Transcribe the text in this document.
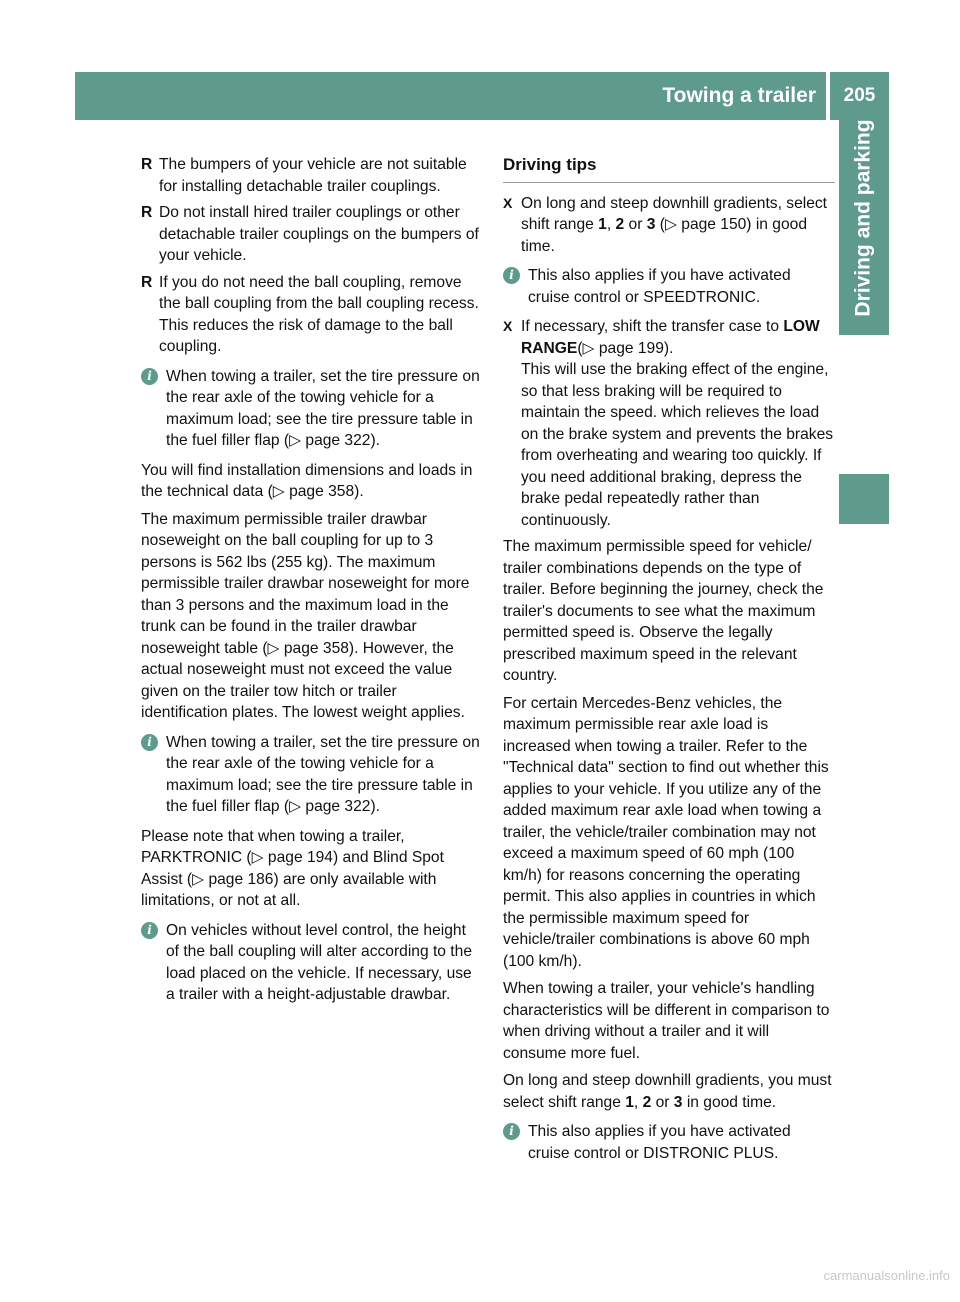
Towing a trailer	205
Driving and parking
R The bumpers of your vehicle are not suitable for installing detachable trailer couplings.
R Do not install hired trailer couplings or other detachable trailer couplings on the bumpers of your vehicle.
R If you do not need the ball coupling, remove the ball coupling from the ball coupling recess. This reduces the risk of damage to the ball coupling.
i When towing a trailer, set the tire pressure on the rear axle of the towing vehicle for a maximum load; see the tire pressure table in the fuel filler flap (▷ page 322).

You will find installation dimensions and loads in the technical data (▷ page 358).

The maximum permissible trailer drawbar noseweight on the ball coupling for up to 3 persons is 562 lbs (255 kg). The maximum permissible trailer drawbar noseweight for more than 3 persons and the maximum load in the trunk can be found in the trailer drawbar noseweight table (▷ page 358). However, the actual noseweight must not exceed the value given on the trailer tow hitch or trailer identification plates. The lowest weight applies.

i When towing a trailer, set the tire pressure on the rear axle of the towing vehicle for a maximum load; see the tire pressure table in the fuel filler flap (▷ page 322).

Please note that when towing a trailer, PARKTRONIC (▷ page 194) and Blind Spot Assist (▷ page 186) are only available with limitations, or not at all.

i On vehicles without level control, the height of the ball coupling will alter according to the load placed on the vehicle. If necessary, use a trailer with a height-adjustable drawbar.
Driving tips
X On long and steep downhill gradients, select shift range 1, 2 or 3 (▷ page 150) in good time.
i This also applies if you have activated cruise control or SPEEDTRONIC.
X If necessary, shift the transfer case to LOW RANGE(▷ page 199).
This will use the braking effect of the engine, so that less braking will be required to maintain the speed. which relieves the load on the brake system and prevents the brakes from overheating and wearing too quickly. If you need additional braking, depress the brake pedal repeatedly rather than continuously.

The maximum permissible speed for vehicle/ trailer combinations depends on the type of trailer. Before beginning the journey, check the trailer's documents to see what the maximum permitted speed is. Observe the legally prescribed maximum speed in the relevant country.

For certain Mercedes-Benz vehicles, the maximum permissible rear axle load is increased when towing a trailer. Refer to the "Technical data" section to find out whether this applies to your vehicle. If you utilize any of the added maximum rear axle load when towing a trailer, the vehicle/trailer combination may not exceed a maximum speed of 60 mph (100 km/h) for reasons concerning the operating permit. This also applies in countries in which the permissible maximum speed for vehicle/trailer combinations is above 60 mph (100 km/h).

When towing a trailer, your vehicle's handling characteristics will be different in comparison to when driving without a trailer and it will consume more fuel.

On long and steep downhill gradients, you must select shift range 1, 2 or 3 in good time.

i This also applies if you have activated cruise control or DISTRONIC PLUS.
carmanualsonline.info
